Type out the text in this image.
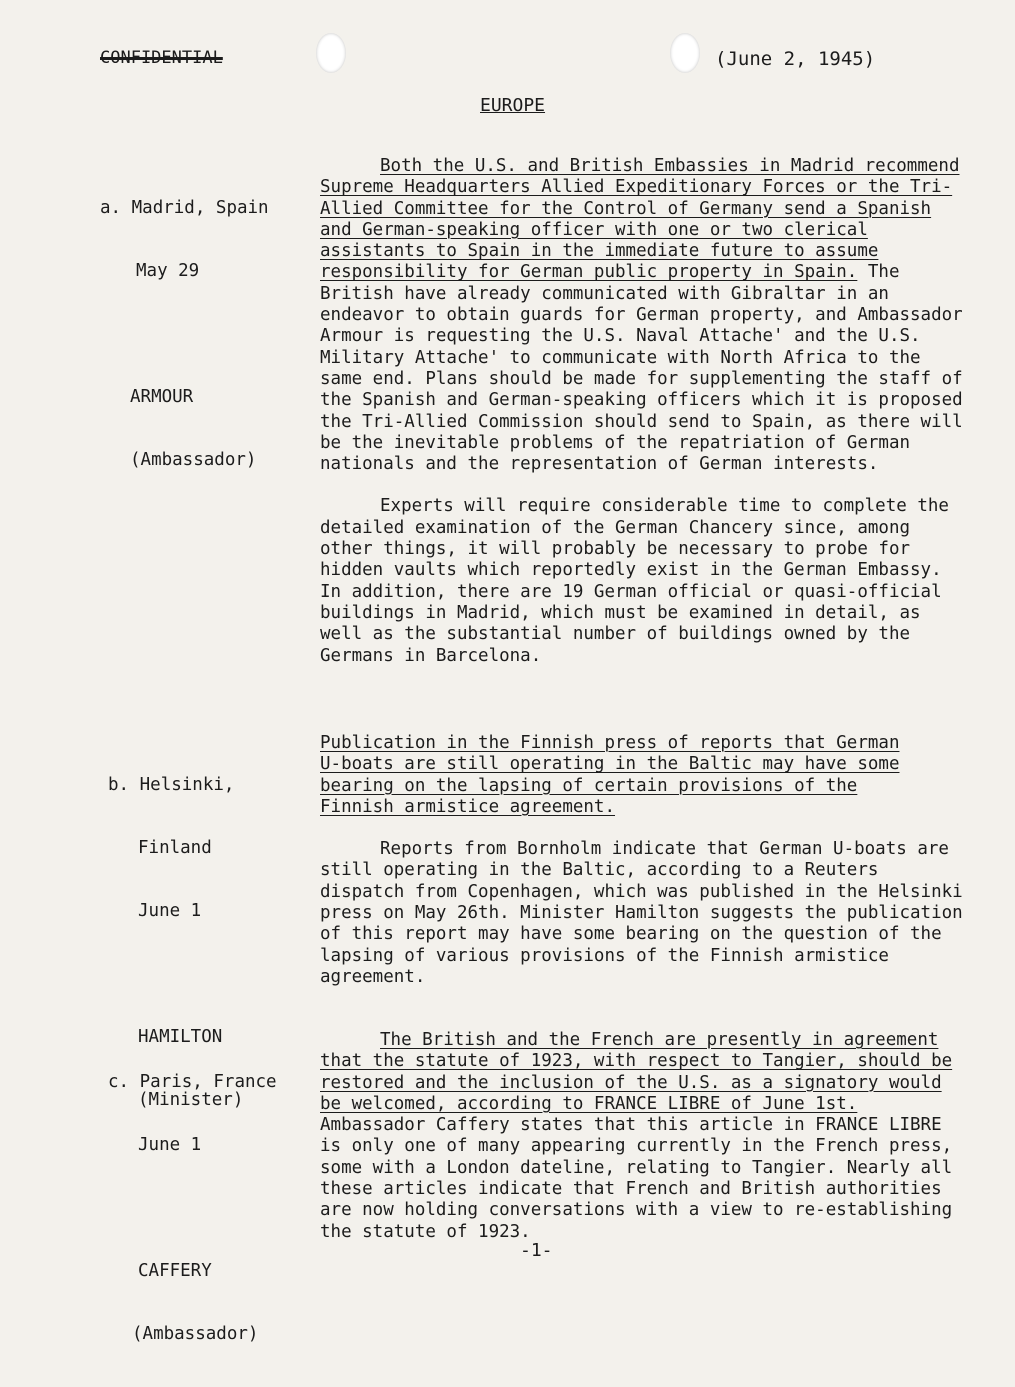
CONFIDENTIAL	(June 2, 1945)
EUROPE

a. Madrid, Spain

May 29

ARMOUR

(Ambassador)

Both the U.S. and British Embassies in Madrid recommend Supreme Headquarters Allied Expeditionary Forces or the Tri-Allied Committee for the Control of Germany send a Spanish and German-speaking officer with one or two clerical assistants to Spain in the immediate future to assume responsibility for German public property in Spain. The British have already communicated with Gibraltar in an endeavor to obtain guards for German property, and Ambassador Armour is requesting the U.S. Naval Attache' and the U.S. Military Attache' to communicate with North Africa to the same end. Plans should be made for supplementing the staff of the Spanish and German-speaking officers which it is proposed the Tri-Allied Commission should send to Spain, as there will be the inevitable problems of the repatriation of German nationals and the representation of German interests.

Experts will require considerable time to complete the detailed examination of the German Chancery since, among other things, it will probably be necessary to probe for hidden vaults which reportedly exist in the German Embassy. In addition, there are 19 German official or quasi-official buildings in Madrid, which must be examined in detail, as well as the substantial number of buildings owned by the Germans in Barcelona.

b. Helsinki,

Finland

June 1

HAMILTON

(Minister)

Publication in the Finnish press of reports that German U-boats are still operating in the Baltic may have some bearing on the lapsing of certain provisions of the Finnish armistice agreement.

Reports from Bornholm indicate that German U-boats are still operating in the Baltic, according to a Reuters dispatch from Copenhagen, which was published in the Helsinki press on May 26th. Minister Hamilton suggests the publication of this report may have some bearing on the question of the lapsing of various provisions of the Finnish armistice agreement.

c. Paris, France

June 1

CAFFERY

(Ambassador)

The British and the French are presently in agreement that the statute of 1923, with respect to Tangier, should be restored and the inclusion of the U.S. as a signatory would be welcomed, according to FRANCE LIBRE of June 1st. Ambassador Caffery states that this article in FRANCE LIBRE is only one of many appearing currently in the French press, some with a London dateline, relating to Tangier. Nearly all these articles indicate that French and British authorities are now holding conversations with a view to re-establishing the statute of 1923.

-1-
